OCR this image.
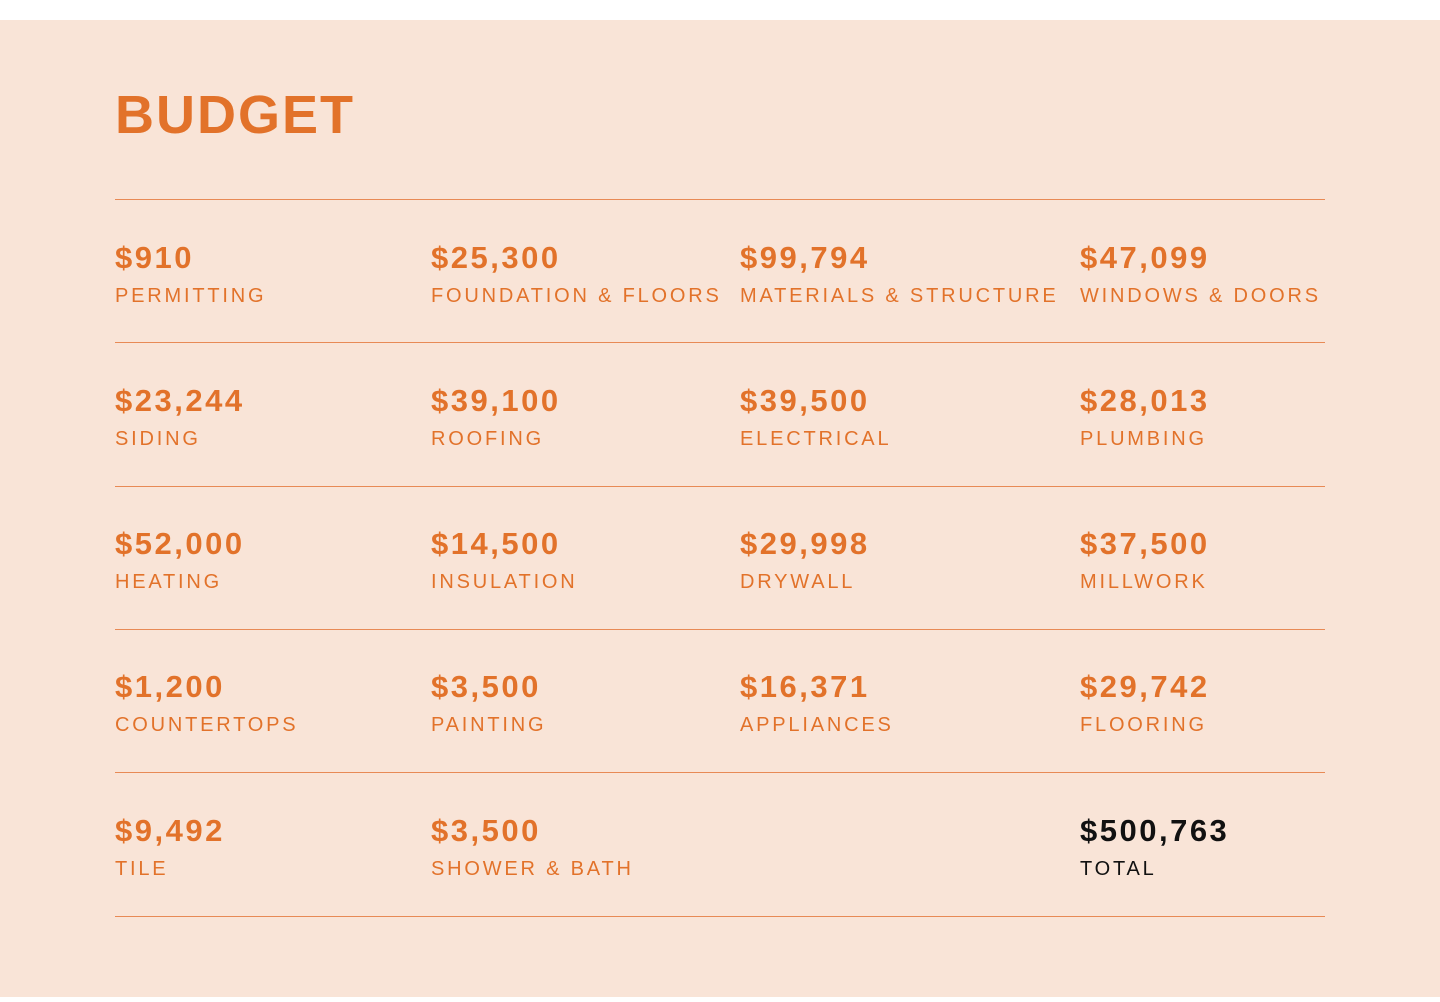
BUDGET
$910
PERMITTING
$25,300
FOUNDATION & FLOORS
$99,794
MATERIALS & STRUCTURE
$47,099
WINDOWS & DOORS
$23,244
SIDING
$39,100
ROOFING
$39,500
ELECTRICAL
$28,013
PLUMBING
$52,000
HEATING
$14,500
INSULATION
$29,998
DRYWALL
$37,500
MILLWORK
$1,200
COUNTERTOPS
$3,500
PAINTING
$16,371
APPLIANCES
$29,742
FLOORING
$9,492
TILE
$3,500
SHOWER & BATH
$500,763
TOTAL
